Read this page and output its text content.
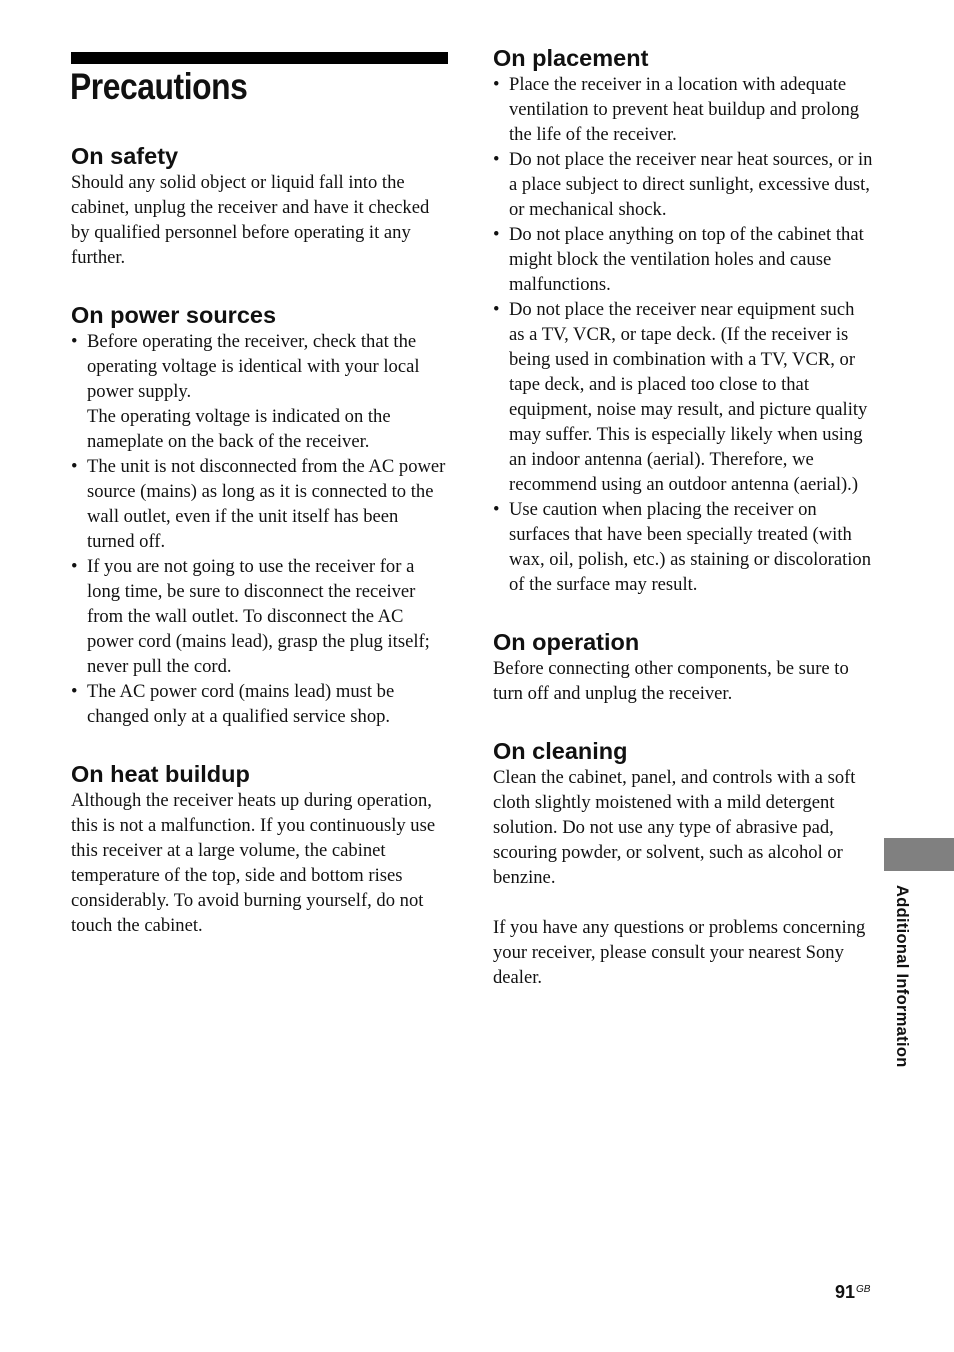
Precautions
On safety

Should any solid object or liquid fall into the cabinet, unplug the receiver and have it checked by qualified personnel before operating it any further.

On power sources
• Before operating the receiver, check that the operating voltage is identical with your local power supply.
The operating voltage is indicated on the nameplate on the back of the receiver.
• The unit is not disconnected from the AC power source (mains) as long as it is connected to the wall outlet, even if the unit itself has been turned off.
• If you are not going to use the receiver for a long time, be sure to disconnect the receiver from the wall outlet. To disconnect the AC power cord (mains lead), grasp the plug itself; never pull the cord.
• The AC power cord (mains lead) must be changed only at a qualified service shop.
On heat buildup

Although the receiver heats up during operation, this is not a malfunction. If you continuously use this receiver at a large volume, the cabinet temperature of the top, side and bottom rises considerably. To avoid burning yourself, do not touch the cabinet.

On placement
• Place the receiver in a location with adequate ventilation to prevent heat buildup and prolong the life of the receiver.
• Do not place the receiver near heat sources, or in a place subject to direct sunlight, excessive dust, or mechanical shock.
• Do not place anything on top of the cabinet that might block the ventilation holes and cause malfunctions.
• Do not place the receiver near equipment such as a TV, VCR, or tape deck. (If the receiver is being used in combination with a TV, VCR, or tape deck, and is placed too close to that equipment, noise may result, and picture quality may suffer. This is especially likely when using an indoor antenna (aerial). Therefore, we recommend using an outdoor antenna (aerial).)
• Use caution when placing the receiver on surfaces that have been specially treated (with wax, oil, polish, etc.) as staining or discoloration of the surface may result.
On operation

Before connecting other components, be sure to turn off and unplug the receiver.

On cleaning

Clean the cabinet, panel, and controls with a soft cloth slightly moistened with a mild detergent solution. Do not use any type of abrasive pad, scouring powder, or solvent, such as alcohol or benzine.

If you have any questions or problems concerning your receiver, please consult your nearest Sony dealer.	Additional Information
$91^{GB}$
